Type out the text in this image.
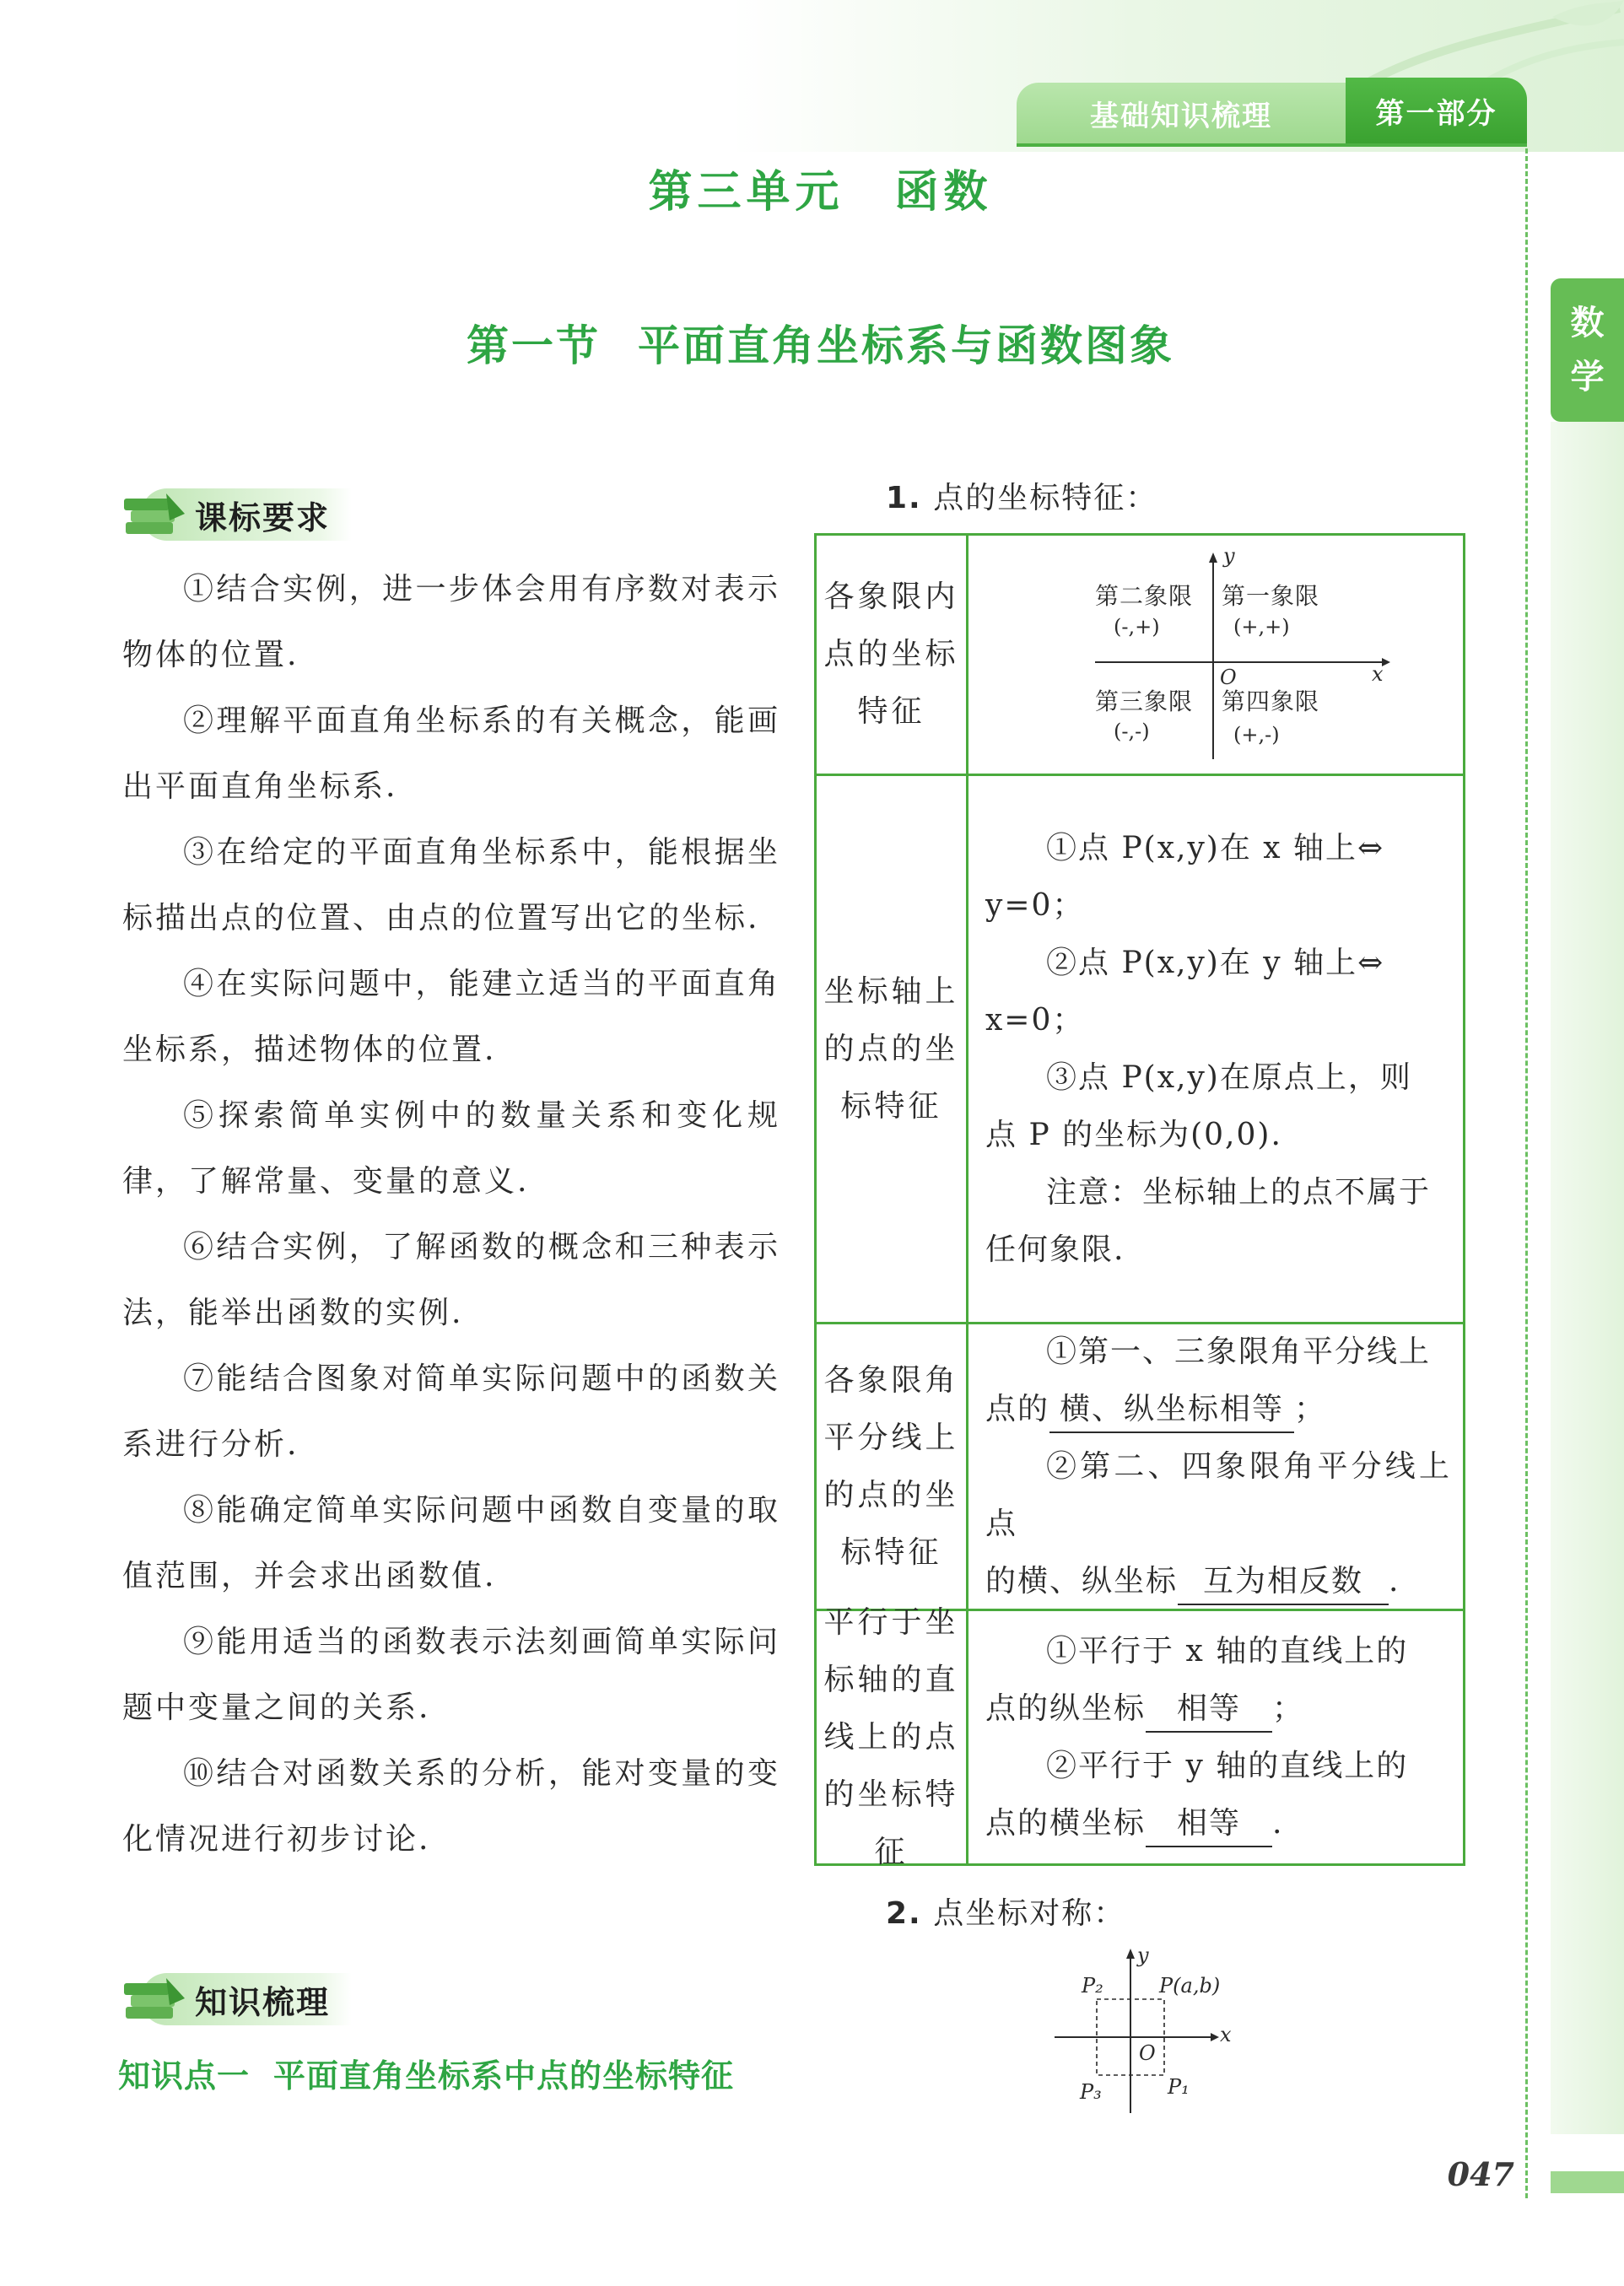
基础知识梳理	第一部分
数
学
第三单元 函数
第一节 平面直角坐标系与函数图象
课标要求
①结合实例，进一步体会用有序数对表示物体的位置.
②理解平面直角坐标系的有关概念，能画出平面直角坐标系.
③在给定的平面直角坐标系中，能根据坐标描出点的位置、由点的位置写出它的坐标.
④在实际问题中，能建立适当的平面直角坐标系，描述物体的位置.
⑤探索简单实例中的数量关系和变化规律，了解常量、变量的意义.
⑥结合实例，了解函数的概念和三种表示法，能举出函数的实例.
⑦能结合图象对简单实际问题中的函数关系进行分析.
⑧能确定简单实际问题中函数自变量的取值范围，并会求出函数值.
⑨能用适当的函数表示法刻画简单实际问题中变量之间的关系.
⑩结合对函数关系的分析，能对变量的变化情况进行初步讨论.
知识梳理
知识点一 平面直角坐标系中点的坐标特征
1. 点的坐标特征：
各象限内点的坐标特征
y
x
O
第二象限
(-,+)
第一象限
(+,+)
第三象限
(-,-)
第四象限
(+,-)
坐标轴上的点的坐标特征
①点 P(x,y)在 x 轴上⇔
y=0；
②点 P(x,y)在 y 轴上⇔
x=0；
③点 P(x,y)在原点上，则
点 P 的坐标为(0,0).
注意：坐标轴上的点不属于
任何象限.
各象限角平分线上的点的坐标特征
①第一、三象限角平分线上
点的 横、纵坐标相等 ；
②第二、四象限角平分线上点
的横、纵坐标 互为相反数 .
平行于坐标轴的直线上的点的坐标特征
①平行于 x 轴的直线上的
点的纵坐标 相等 ；
②平行于 y 轴的直线上的
点的横坐标 相等 .
2. 点坐标对称：
y
x
O
P(a,b)
P₂
P₃	P₁
047
